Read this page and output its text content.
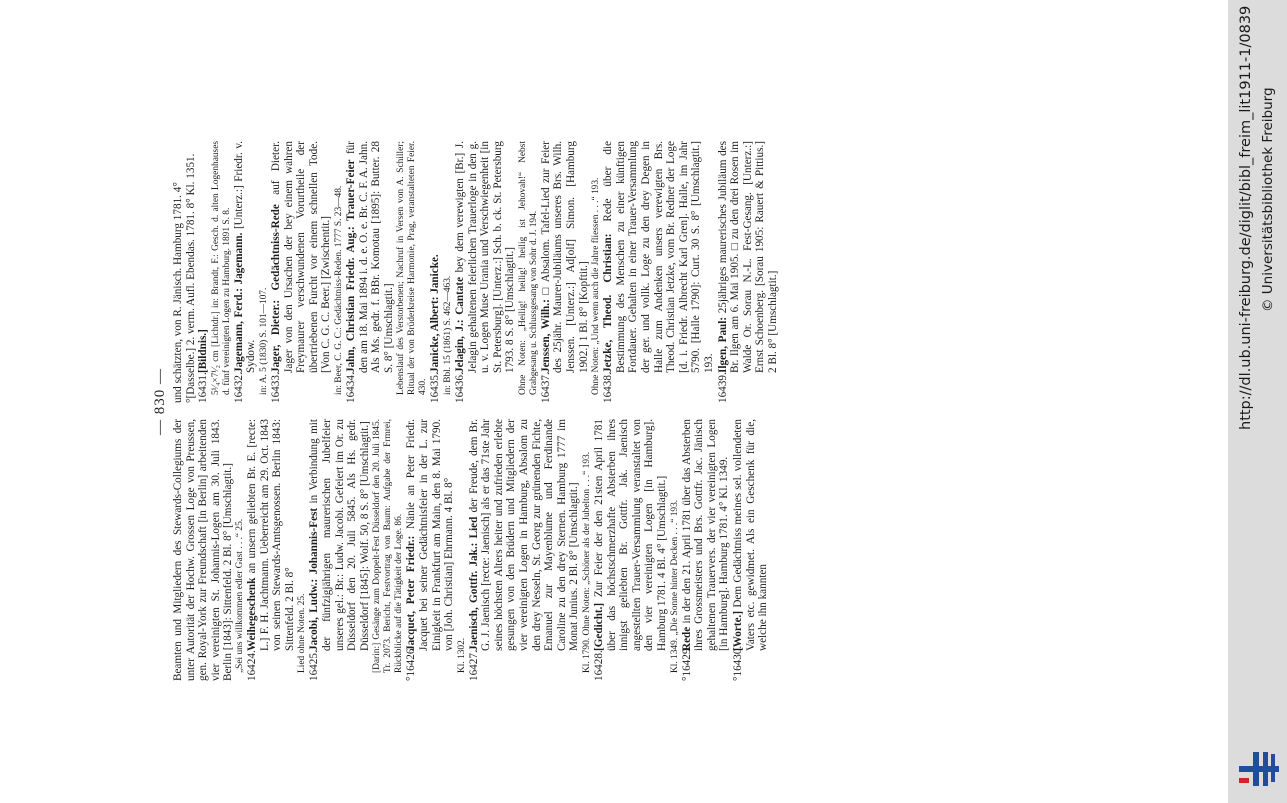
— 830 —

Beamten und Mitgliedern des Stewards-Collegiums der unter Autorität der Hochw. Grossen Loge von Preussen, gen. Royal-York zur Freundschaft [in Berlin] arbeitenden vier vereinigten St. Johannis-Logen am 30. Juli 1843. Berlin [1843]: Sittenfeld. 2 Bl. 8° [Umschlagtit.] „Sei uns willkommen edler Gast . . .“ 25. 16424.Weihegeschenk an unsern geliebten Br. E. [recte: L.] F. H. Jachtmann. Ueberreicht am 29. Oct. 1843 von seinen Stewards-Amtsgenossen. Berlin 1843: Sittenfeld. 2 Bl. 8° Lied ohne Noten. 25. 16425.Jacobi, Ludw.: Johannis-Fest in Verbindung mit der fünfzigjährigen maurerischen Jubelfeier unseres gel.: Br.: Ludw. Jacobi. Gefeiert im Or. zu Düsseldorf den 20. Juli 5845. Als Hs. gedr. Düsseldorf [1845]: Wolf. 50, 8 S. 8° [Umschlagtit.] [Darin:] Gesänge zum Doppelt-Fest Düsseldorf den 20. Juli 1845. Tr. 2073. Bericht, Festvortrag von Baum: Aufgabe der Frmrei, Rückblicke auf die Tätigkeit der Loge. 86. °16426.Jacquet, Peter Friedr.: Nänie an Peter Friedr. Jacquet bei seiner Gedächtnisfeier in der L. zur Einigkeit in Frankfurt am Main, den 8. Mai 1790. von [Joh. Christian] Ehrmann. 4 Bl. 8°

Kl. 1302. 16427.Jaenisch, Gottfr. Jak.: Lied der Freude, dem Br. G. J. Jaenisch [recte: Jaenisch] als er das 71ste Jahr seines höchsten Alters heiter und zufrieden erlebte gesungen von den Brüdern und Mitgliedern der vier vereinigten Logen in Hamburg, Absalom zu den drey Nesseln, St. Georg zur grünenden Fichte, Emanuel zur Mayenblume und Ferdinande Caroline zu den drey Sternen. Hamburg 1777 im Monat Junius. 2 Bl. 8° [Umschlagtit.] Kl. 1790. Ohne Noten: „Schöner als der Jubelton . . .“ 193. 16428.[Gedicht.] Zur Feier der den 21sten April 1781 über das höchstschmerzhafte Absterben ihres innigst geliebten Br. Gottfr. Jak. Jaenisch angestellten Trauer-Versammlung veranstaltet von den vier vereinigten Logen [in Hamburg]. Hamburg 1781. 4 Bl. 4° [Umschlagtit.] Kl. 1349. „Die Sonne hinter Decken . . .“ 193. °16429.Rede in der den 21. April 1781 über das Absterben ihres Grossmeisters und Brs. Gottfr. Jac. Jänisch gehaltenen Trauervers. der vier vereinigten Logen [in Hamburg]. Hamburg 1781. 4° Kl. 1349.

°16430.[Worte.] Dem Gedächtniss meines sel. vollendeten Vaters etc. gewidmet. Als ein Geschenk für die, welche ihn kannten

und schätzten, von R. Jänisch. Hamburg 1781. 4° °[Dasselbe.] 2. verm. Aufl. Ebendas. 1781. 8° Kl. 1351. 16431.[Bildnis.] 5¹⁄₄×7¹⁄₂ cm [Lichtdr.] in: Brandt, F.: Gesch. d. alten Logenhauses d. fünf vereinigten Logen zu Hamburg. 1891 S. 8. 16432.Jagemann, Ferd.: Jagemann. [Unterz.:] Friedr. v. Sydow. in: A. 5 (1830) S. 101—107. 16433.Jager, Dieter.: Gedächtniss-Rede auf Dieter. Jager von den Ursachen der bey einem wahren Freymaurer verschwundenen Vorurtheile der übertriebenen Furcht vor einem schnellen Tode. [Von C. G. C. Beer.] [Zwischentit.] in: Beer, C. G. C.: Gedächtniss-Reden. 1777 S. 23—48. 16434.Jahn, Christian Friedr. Aug.: Trauer-Feier für den am 18. Mai 1894 i. d. e. O. e. Br. C. F. A. Jahn. Als Ms. gedr. f. BBr. Komotau [1895]: Butter. 28 S. 8° [Umschlagtit.] Lebenslauf des Verstorbenen; Nachruf in Versen von A. Schiller; Ritual der von Brüderkreise Harmonie, Prag, veranstalteten Feier. 430. 16435.Janicke, Albert: Janicke. in: Bbl. 15 (1861) S. 462—463. 16436.Jelagin, J.: Cantate bey dem verewigten [Br.] J. Jelagin gehaltenen feierlichen Trauerloge in den g. u. v. Logen Muse Urania und Verschwiegenheit [in St. Petersburg]. [Unterz.:] Sch. b. ck. St. Petersburg 1793. 8 S. 8° [Umschlagtit.] Ohne Noten: „Heilig! heilig! heilig ist Jehovah!“ Nebst Grabgesang u. Schlussgesang von Sohr d. J. 194. 16437.Jenssen, Wilh.: □ Absalom. Tafel-Lied zur Feier des 25jähr. Maurer-Jubiläums unseres Brs. Wilh. Jenssen. [Unterz.:] Ad[olf] Simon. [Hamburg 1902.] 1 Bl. 8° [Kopftit.] Ohne Noten: „Und wenn auch die Jahre fliessen . . .“ 193. 16438.Jetzke, Theod. Christian: Rede über die Bestimmung des Menschen zu einer künftigen Fortdauer. Gehalten in einer Trauer-Versammlung der ger. und vollk. Loge zu den drey Degen in Halle zum Andenken unsers verewigten Brs. Theod. Christian Jetzke, vom Br. Redner der Loge [d. i. Friedr. Albrecht Karl Gren]. Halle, im Jahr 5790. [Halle 1790]: Curt. 30 S. 8° [Umschlagtit.] 193.

16439.Ilgen, Paul: 25jähriges maurerisches Jubiläum des Br. Ilgen am 6. Mai 1905. □ zu den drei Rosen im Walde Or. Sorau N.-L. Fest-Gesang. [Unterz.:] Ernst Schoenberg. [Sorau 1905: Rauert & Pittius.] 2 Bl. 8° [Umschlagtit.]	http://dl.ub.uni-freiburg.de/diglit/bibl_freim_lit1911-1/0839 © Universitätsbibliothek Freiburg
